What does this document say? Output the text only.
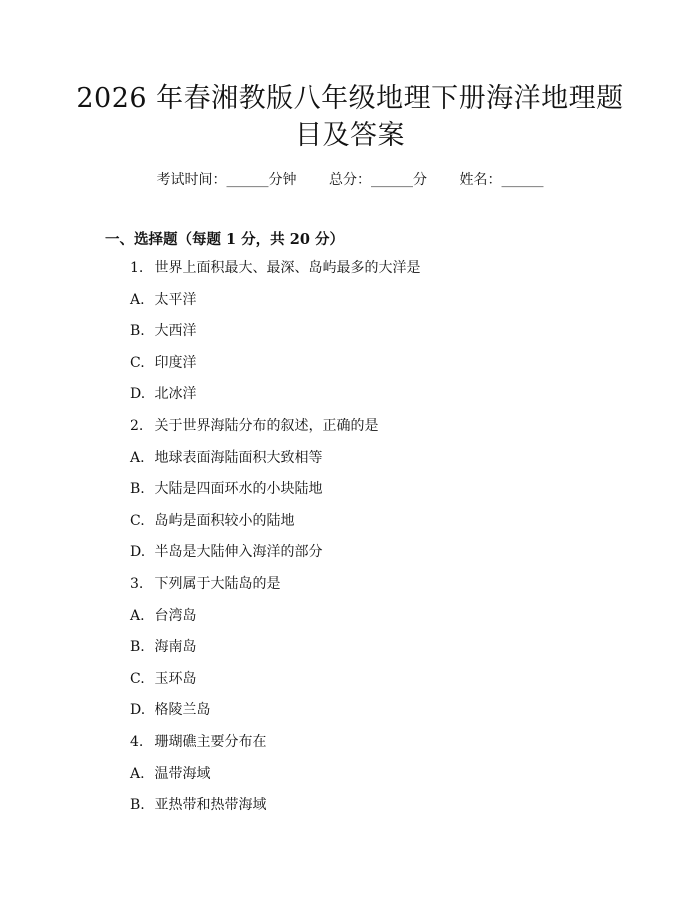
2026 年春湘教版八年级地理下册海洋地理题
目及答案
考试时间：______分钟 总分：______分 姓名：______
一、选择题（每题 1 分，共 20 分）
1. 世界上面积最大、最深、岛屿最多的大洋是
A. 太平洋
B. 大西洋
C. 印度洋
D. 北冰洋
2. 关于世界海陆分布的叙述，正确的是
A. 地球表面海陆面积大致相等
B. 大陆是四面环水的小块陆地
C. 岛屿是面积较小的陆地
D. 半岛是大陆伸入海洋的部分
3. 下列属于大陆岛的是
A. 台湾岛
B. 海南岛
C. 玉环岛
D. 格陵兰岛
4. 珊瑚礁主要分布在
A. 温带海域
B. 亚热带和热带海域
